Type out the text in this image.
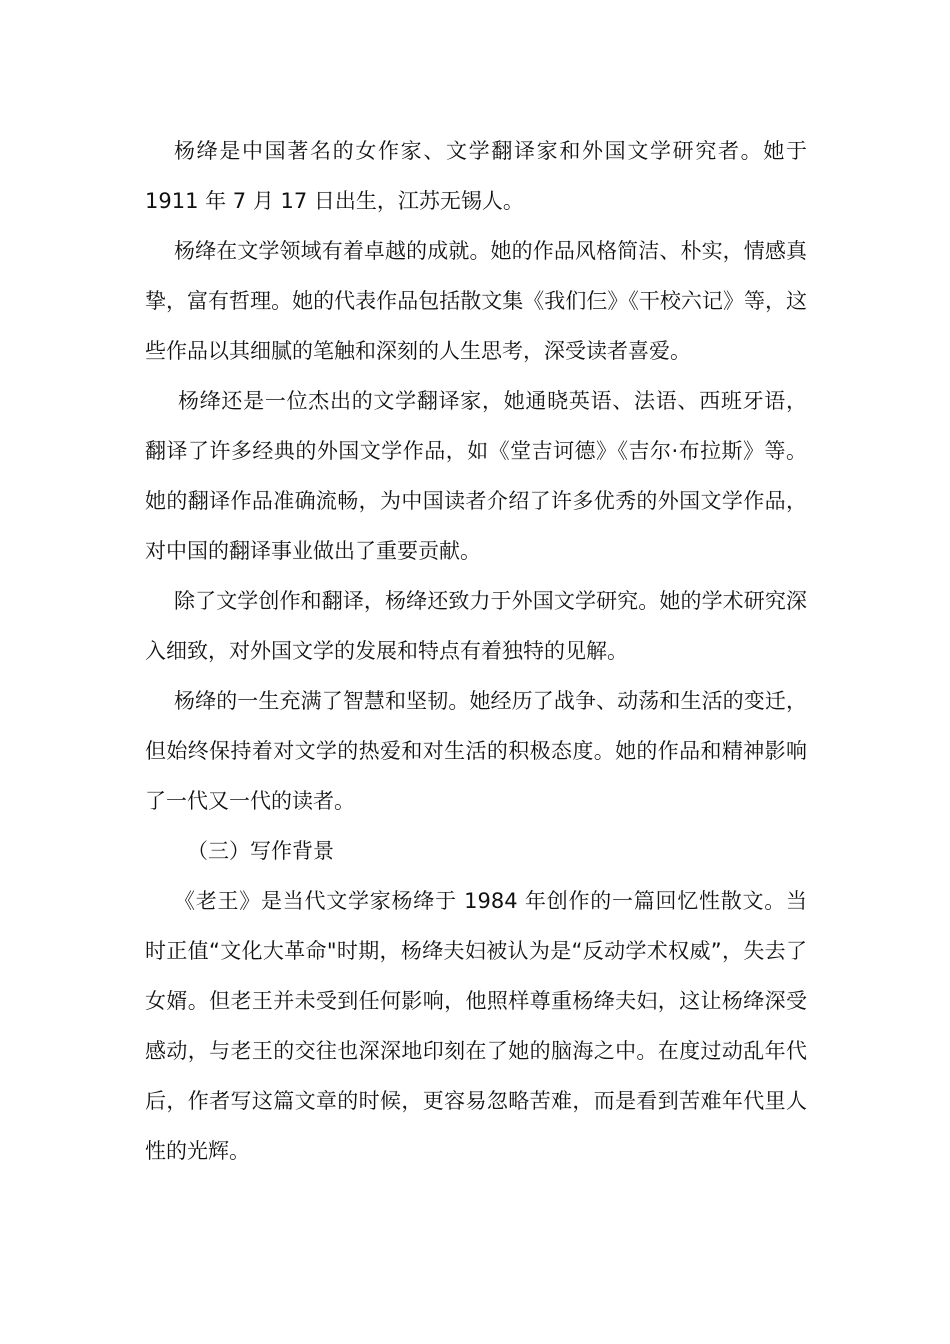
杨绛是中国著名的女作家、文学翻译家和外国文学研究者。她于1911 年 7 月 17 日出生，江苏无锡人。

杨绛在文学领域有着卓越的成就。她的作品风格简洁、朴实，情感真挚，富有哲理。她的代表作品包括散文集《我们仨》《干校六记》等，这些作品以其细腻的笔触和深刻的人生思考，深受读者喜爱。

杨绛还是一位杰出的文学翻译家，她通晓英语、法语、西班牙语，翻译了许多经典的外国文学作品，如《堂吉诃德》《吉尔·布拉斯》等。她的翻译作品准确流畅，为中国读者介绍了许多优秀的外国文学作品，对中国的翻译事业做出了重要贡献。

除了文学创作和翻译，杨绛还致力于外国文学研究。她的学术研究深入细致，对外国文学的发展和特点有着独特的见解。

杨绛的一生充满了智慧和坚韧。她经历了战争、动荡和生活的变迁，但始终保持着对文学的热爱和对生活的积极态度。她的作品和精神影响了一代又一代的读者。

（三）写作背景

《老王》是当代文学家杨绛于 1984 年创作的一篇回忆性散文。当时正值“文化大革命"时期，杨绛夫妇被认为是“反动学术权威”，失去了女婿。但老王并未受到任何影响，他照样尊重杨绛夫妇，这让杨绛深受感动，与老王的交往也深深地印刻在了她的脑海之中。在度过动乱年代后，作者写这篇文章的时候，更容易忽略苦难，而是看到苦难年代里人性的光辉。
